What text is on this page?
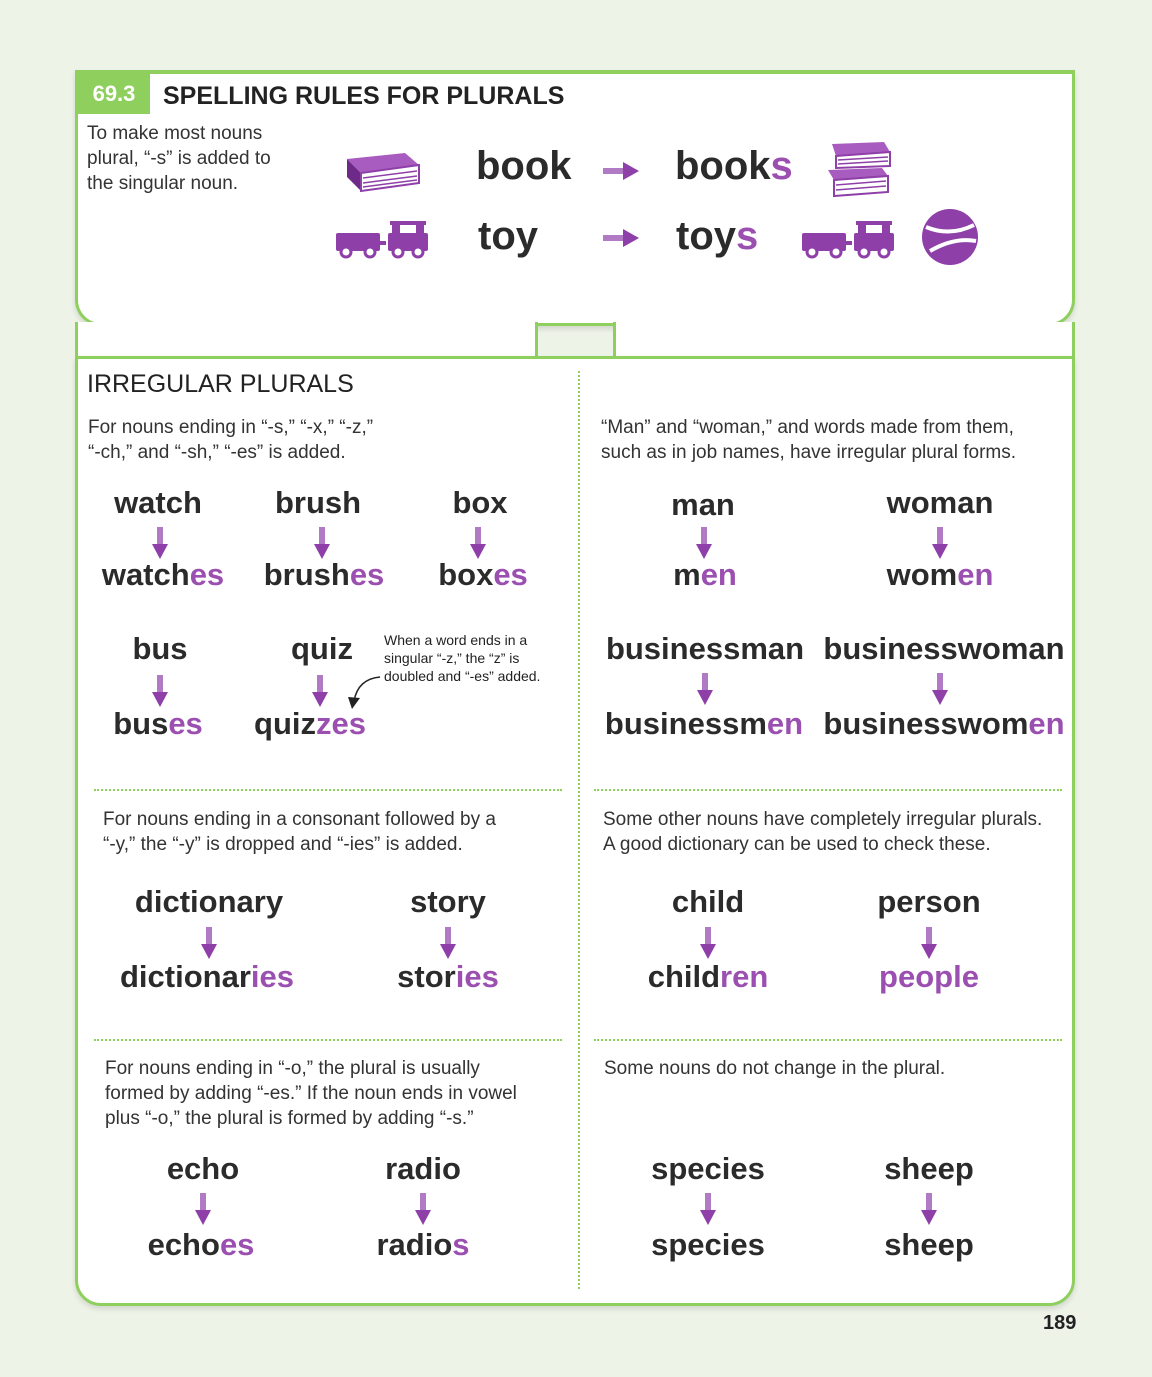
69.3	SPELLING RULES FOR PLURALS
To make most nouns plural, “-s” is added to the singular noun.	book	books
toy	toys
IRREGULAR PLURALS
For nouns ending in “-s,” “-x,” “-z,” “-ch,” and “-sh,” “-es” is added.
watch
watches
brush
brushes
box
boxes
bus
buses
quiz
quizzes
When a word ends in a singular “-z,” the “z” is doubled and “-es” added.
“Man” and “woman,” and words made from them, such as in job names, have irregular plural forms.
man
men
woman
women
businessman
businessmen
businesswoman
businesswomen
For nouns ending in a consonant followed by a “-y,” the “-y” is dropped and “-ies” is added.
dictionary
dictionaries
story
stories
Some other nouns have completely irregular plurals. A good dictionary can be used to check these.
child
children
person
people
For nouns ending in “-o,” the plural is usually formed by adding “-es.” If the noun ends in vowel plus “-o,” the plural is formed by adding “-s.”
echo
echoes
radio
radios
Some nouns do not change in the plural.
species
species
sheep
sheep
189
